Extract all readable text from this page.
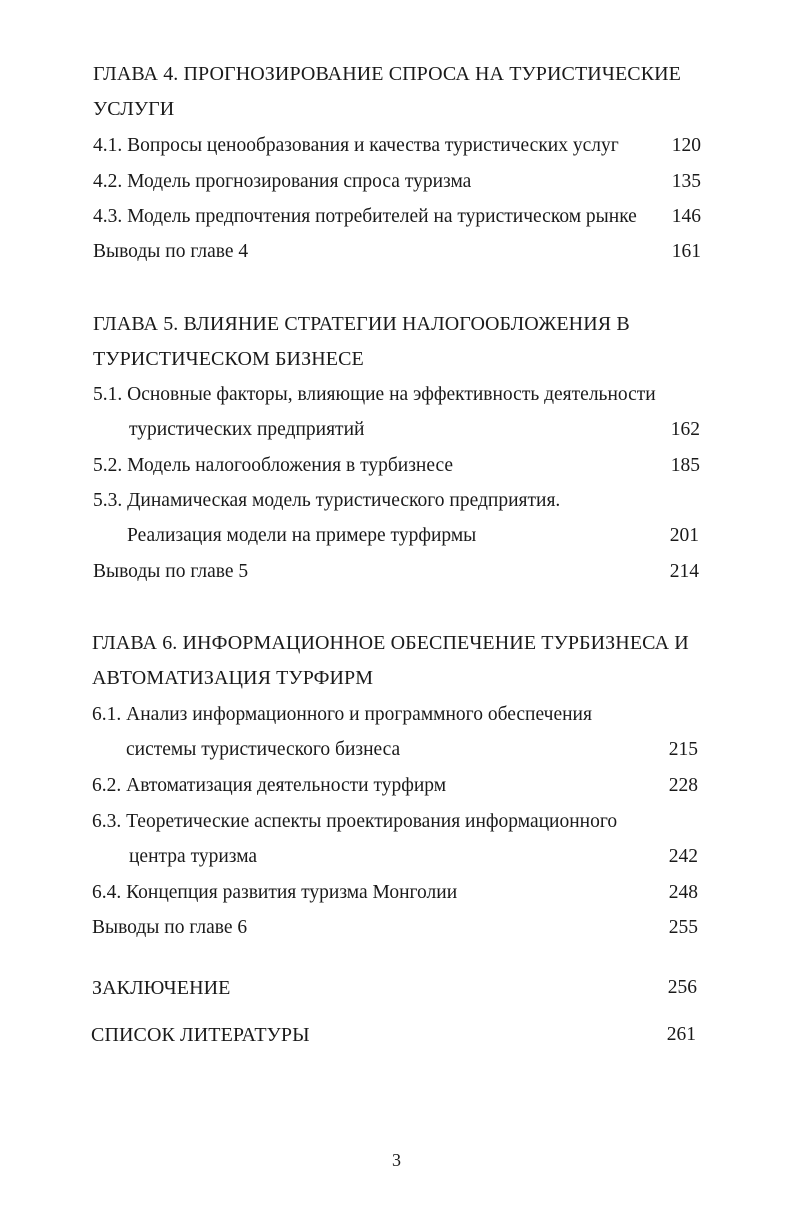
ГЛАВА 4. ПРОГНОЗИРОВАНИЕ СПРОСА НА ТУРИСТИЧЕСКИЕ
УСЛУГИ
4.1. Вопросы ценообразования и качества туристических услуг	120
4.2. Модель прогнозирования спроса туризма	135
4.3. Модель предпочтения потребителей на туристическом рынке	146
Выводы по главе 4	161
ГЛАВА 5. ВЛИЯНИЕ СТРАТЕГИИ НАЛОГООБЛОЖЕНИЯ В
ТУРИСТИЧЕСКОМ БИЗНЕСЕ
5.1. Основные факторы, влияющие на эффективность деятельности
туристических предприятий	162
5.2. Модель налогообложения в турбизнесе	185
5.3. Динамическая модель туристического предприятия.
Реализация модели на примере турфирмы	201
Выводы по главе 5	214
ГЛАВА 6. ИНФОРМАЦИОННОЕ ОБЕСПЕЧЕНИЕ ТУРБИЗНЕСА И
АВТОМАТИЗАЦИЯ ТУРФИРМ
6.1. Анализ информационного и программного обеспечения
системы туристического бизнеса	215
6.2. Автоматизация деятельности турфирм	228
6.3. Теоретические аспекты проектирования информационного
центра туризма	242
6.4. Концепция развития туризма Монголии	248
Выводы по главе 6	255
ЗАКЛЮЧЕНИЕ	256
СПИСОК ЛИТЕРАТУРЫ	261
3
